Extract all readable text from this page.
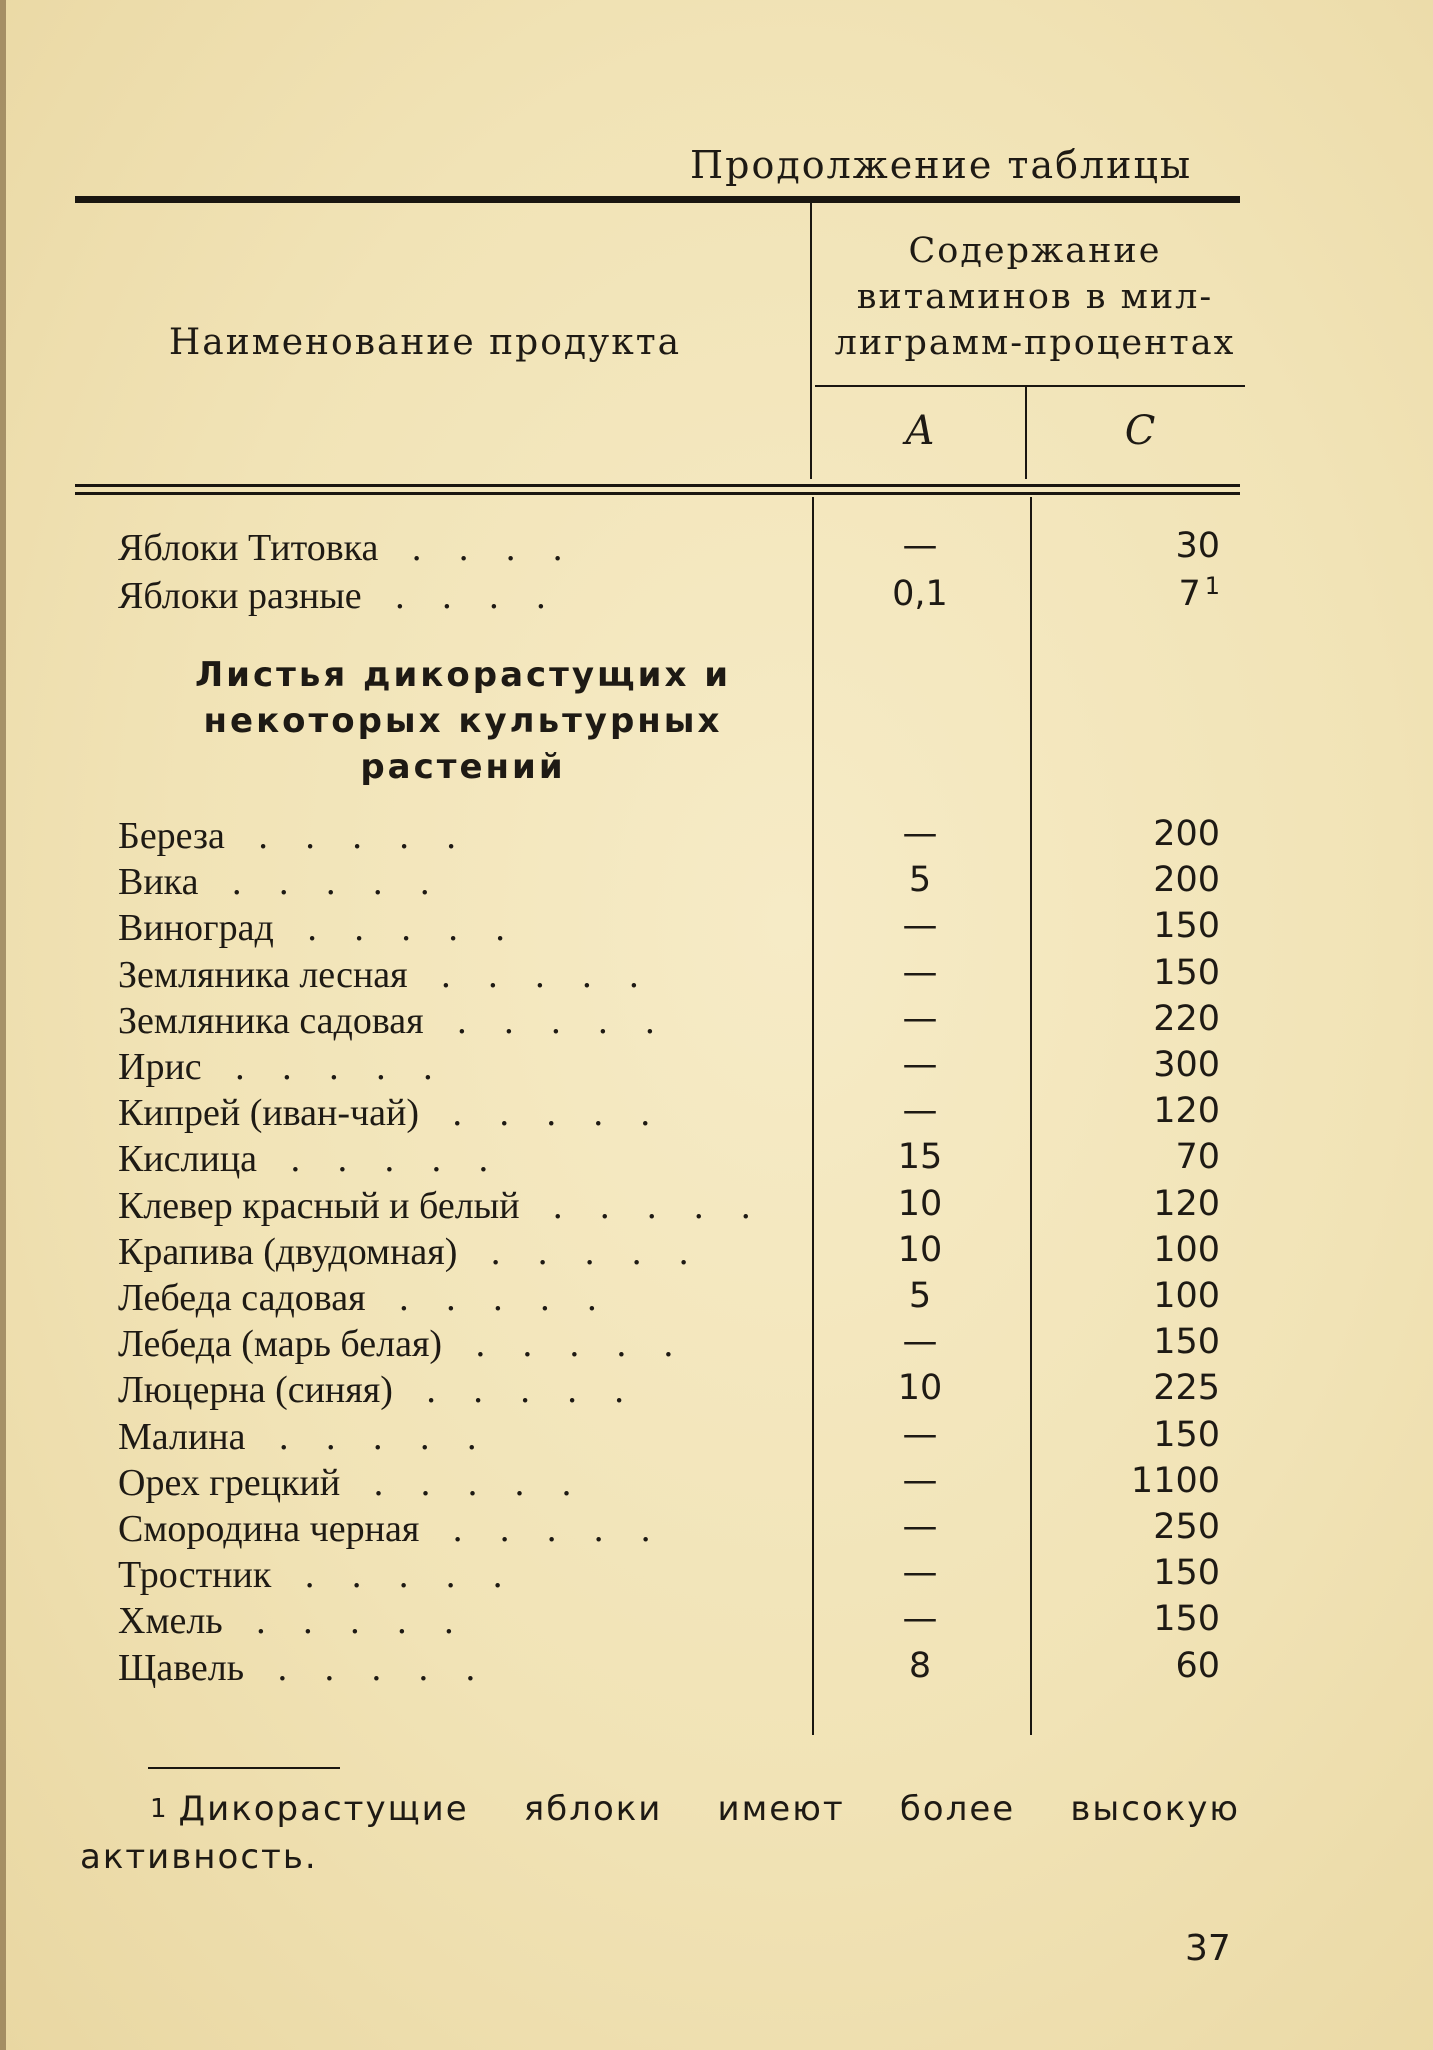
Продолжение таблицы
Наименование продукта
Содержание витаминов в мил- лиграмм-процентах
A	C
Яблоки Титовка . . . .	—	30
Яблоки разные . . . .	0,1	7 $^1$
Листья дикорастущих и некоторых культурных растений
Береза . . . . .	—	200
Вика . . . . .	5	200
Виноград . . . . .	—	150
Земляника лесная . . . . .	—	150
Земляника садовая . . . . .	—	220
Ирис . . . . .	—	300
Кипрей (иван-чай) . . . . .	—	120
Кислица . . . . .	15	70
Клевер красный и белый . . . . .	10	120
Крапива (двудомная) . . . . .	10	100
Лебеда садовая . . . . .	5	100
Лебеда (марь белая) . . . . .	—	150
Люцерна (синяя) . . . . .	10	225
Малина . . . . .	—	150
Орех грецкий . . . . .	—	1100
Смородина черная . . . . .	—	250
Тростник . . . . .	—	150
Хмель . . . . .	—	150
Щавель . . . . .	8	60
$^1$ Дикорастущие яблоки имеют более высокую активность.
37
